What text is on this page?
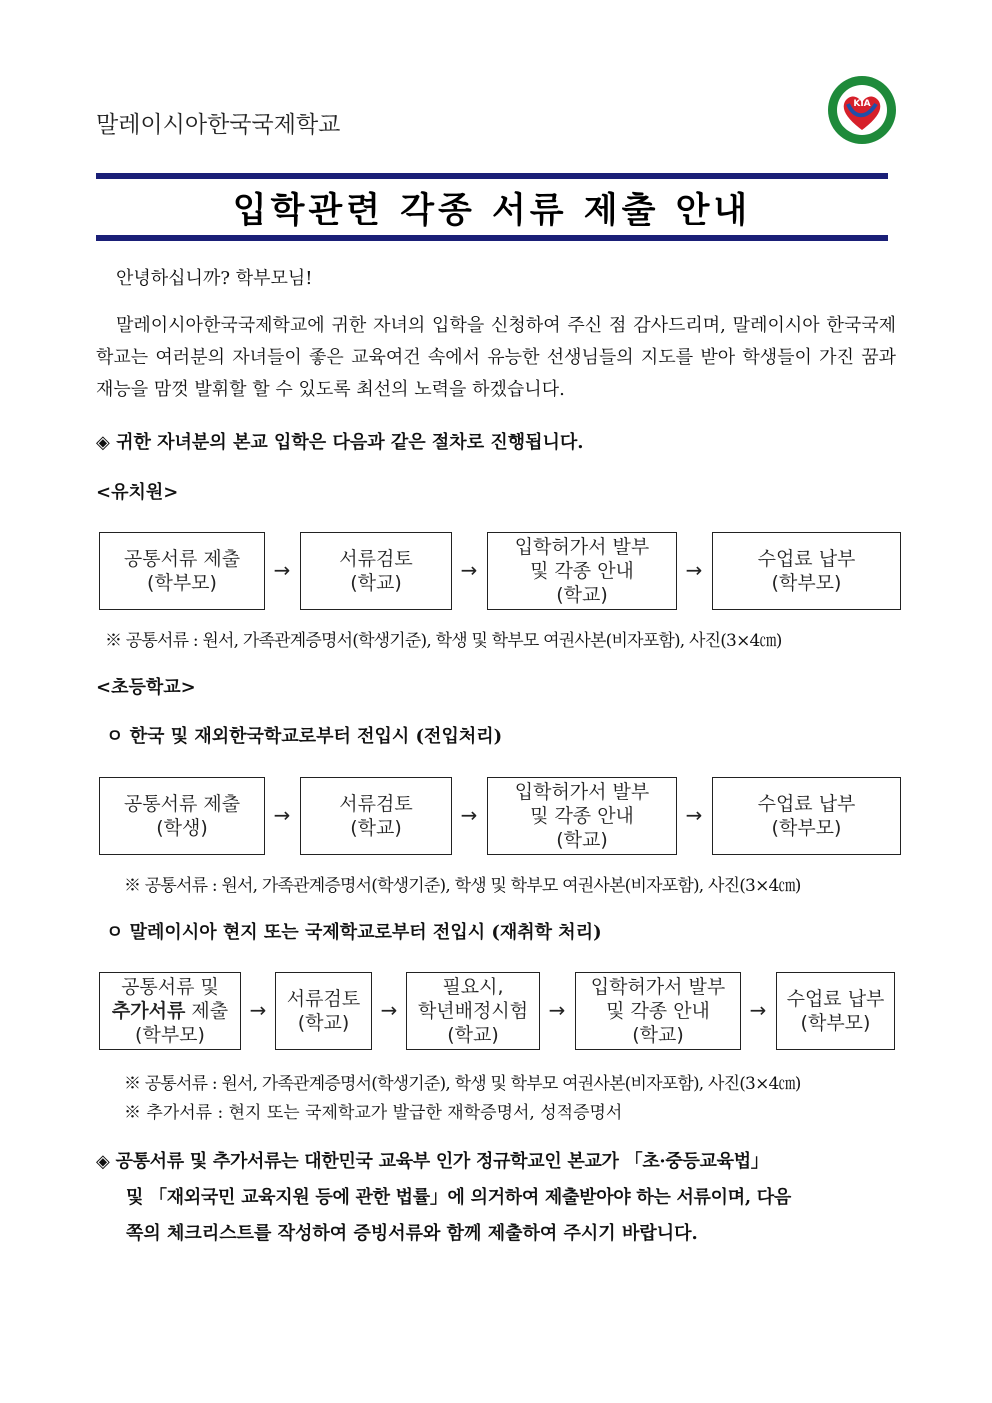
말레이시아한국국제학교
KIA
입학관련 각종 서류 제출 안내
안녕하십니까? 학부모님!
말레이시아한국국제학교에 귀한 자녀의 입학을 신청하여 주신 점 감사드리며, 말레이시아 한국국제학교는 여러분의 자녀들이 좋은 교육여건 속에서 유능한 선생님들의 지도를 받아 학생들이 가진 꿈과 재능을 맘껏 발휘할 할 수 있도록 최선의 노력을 하겠습니다.
◈ 귀한 자녀분의 본교 입학은 다음과 같은 절차로 진행됩니다.
<유치원>
공통서류 제출
(학부모)
→	서류검토
(학교)
→
입학허가서 발부
및 각종 안내
(학교)
→	수업료 납부
(학부모)
※ 공통서류 : 원서, 가족관계증명서(학생기준), 학생 및 학부모 여권사본(비자포함), 사진(3×4㎝)
<초등학교>
ㅇ 한국 및 재외한국학교로부터 전입시 (전입처리)
공통서류 제출
(학생)
→	서류검토
(학교)
→
입학허가서 발부
및 각종 안내
(학교)
→	수업료 납부
(학부모)
※ 공통서류 : 원서, 가족관계증명서(학생기준), 학생 및 학부모 여권사본(비자포함), 사진(3×4㎝)
ㅇ 말레이시아 현지 또는 국제학교로부터 전입시 (재취학 처리)
공통서류 및
추가서류 제출
(학부모)
→	서류검토
(학교)
→
필요시,
학년배정시험
(학교)
→
입학허가서 발부
및 각종 안내
(학교)
→	수업료 납부
(학부모)
※ 공통서류 : 원서, 가족관계증명서(학생기준), 학생 및 학부모 여권사본(비자포함), 사진(3×4㎝)
※ 추가서류 : 현지 또는 국제학교가 발급한 재학증명서, 성적증명서
◈ 공통서류 및 추가서류는 대한민국 교육부 인가 정규학교인 본교가 「초·중등교육법」
및 「재외국민 교육지원 등에 관한 법률」에 의거하여 제출받아야 하는 서류이며, 다음
쪽의 체크리스트를 작성하여 증빙서류와 함께 제출하여 주시기 바랍니다.
